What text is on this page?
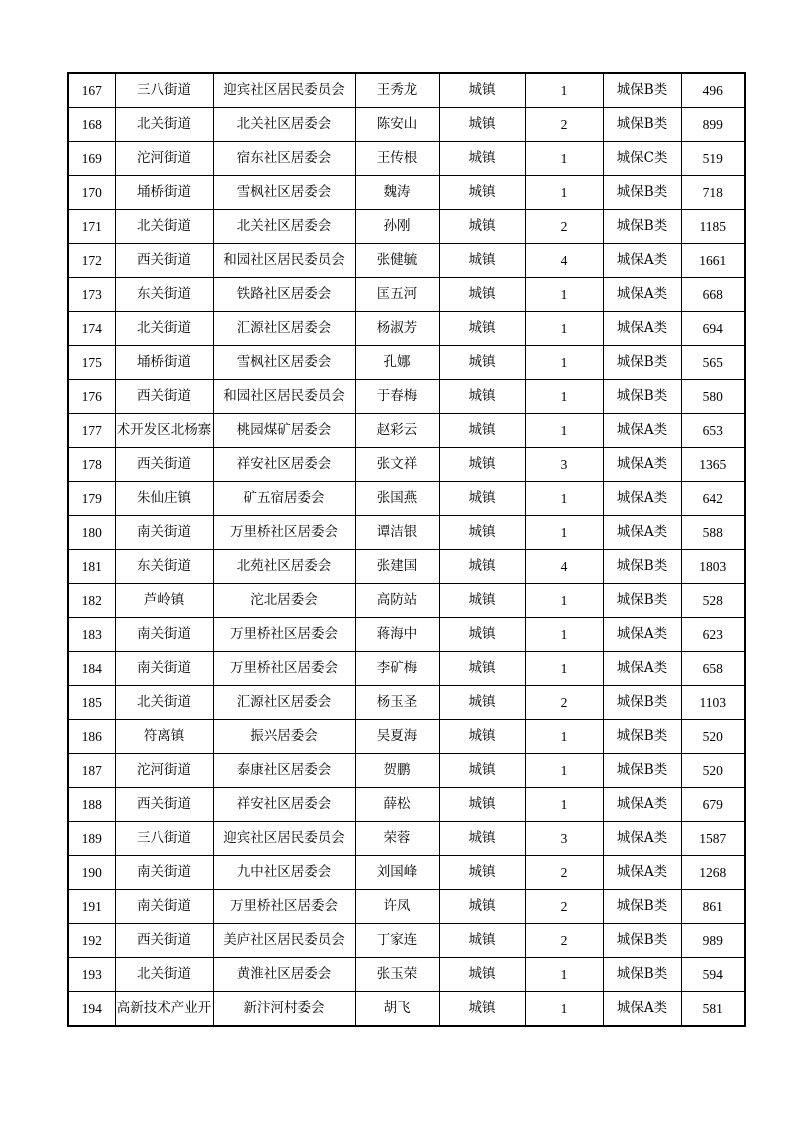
167	三八街道	迎宾社区居民委员会	王秀龙	城镇	1	城保B类	496
168	北关街道	北关社区居委会	陈安山	城镇	2	城保B类	899
169	沱河街道	宿东社区居委会	王传根	城镇	1	城保C类	519
170	埇桥街道	雪枫社区居委会	魏涛	城镇	1	城保B类	718
171	北关街道	北关社区居委会	孙刚	城镇	2	城保B类	1185
172	西关街道	和园社区居民委员会	张健毓	城镇	4	城保A类	1661
173	东关街道	铁路社区居委会	匡五河	城镇	1	城保A类	668
174	北关街道	汇源社区居委会	杨淑芳	城镇	1	城保A类	694
175	埇桥街道	雪枫社区居委会	孔娜	城镇	1	城保B类	565
176	西关街道	和园社区居民委员会	于春梅	城镇	1	城保B类	580
177	术开发区北杨寨	桃园煤矿居委会	赵彩云	城镇	1	城保A类	653
178	西关街道	祥安社区居委会	张文祥	城镇	3	城保A类	1365
179	朱仙庄镇	矿五宿居委会	张国燕	城镇	1	城保A类	642
180	南关街道	万里桥社区居委会	谭洁银	城镇	1	城保A类	588
181	东关街道	北苑社区居委会	张建国	城镇	4	城保B类	1803
182	芦岭镇	沱北居委会	高防站	城镇	1	城保B类	528
183	南关街道	万里桥社区居委会	蒋海中	城镇	1	城保A类	623
184	南关街道	万里桥社区居委会	李矿梅	城镇	1	城保A类	658
185	北关街道	汇源社区居委会	杨玉圣	城镇	2	城保B类	1103
186	符离镇	振兴居委会	吴夏海	城镇	1	城保B类	520
187	沱河街道	泰康社区居委会	贺鹏	城镇	1	城保B类	520
188	西关街道	祥安社区居委会	薛松	城镇	1	城保A类	679
189	三八街道	迎宾社区居民委员会	荣蓉	城镇	3	城保A类	1587
190	南关街道	九中社区居委会	刘国峰	城镇	2	城保A类	1268
191	南关街道	万里桥社区居委会	许凤	城镇	2	城保B类	861
192	西关街道	美庐社区居民委员会	丁家连	城镇	2	城保B类	989
193	北关街道	黄淮社区居委会	张玉荣	城镇	1	城保B类	594
194	高新技术产业开	新汴河村委会	胡飞	城镇	1	城保A类	581
